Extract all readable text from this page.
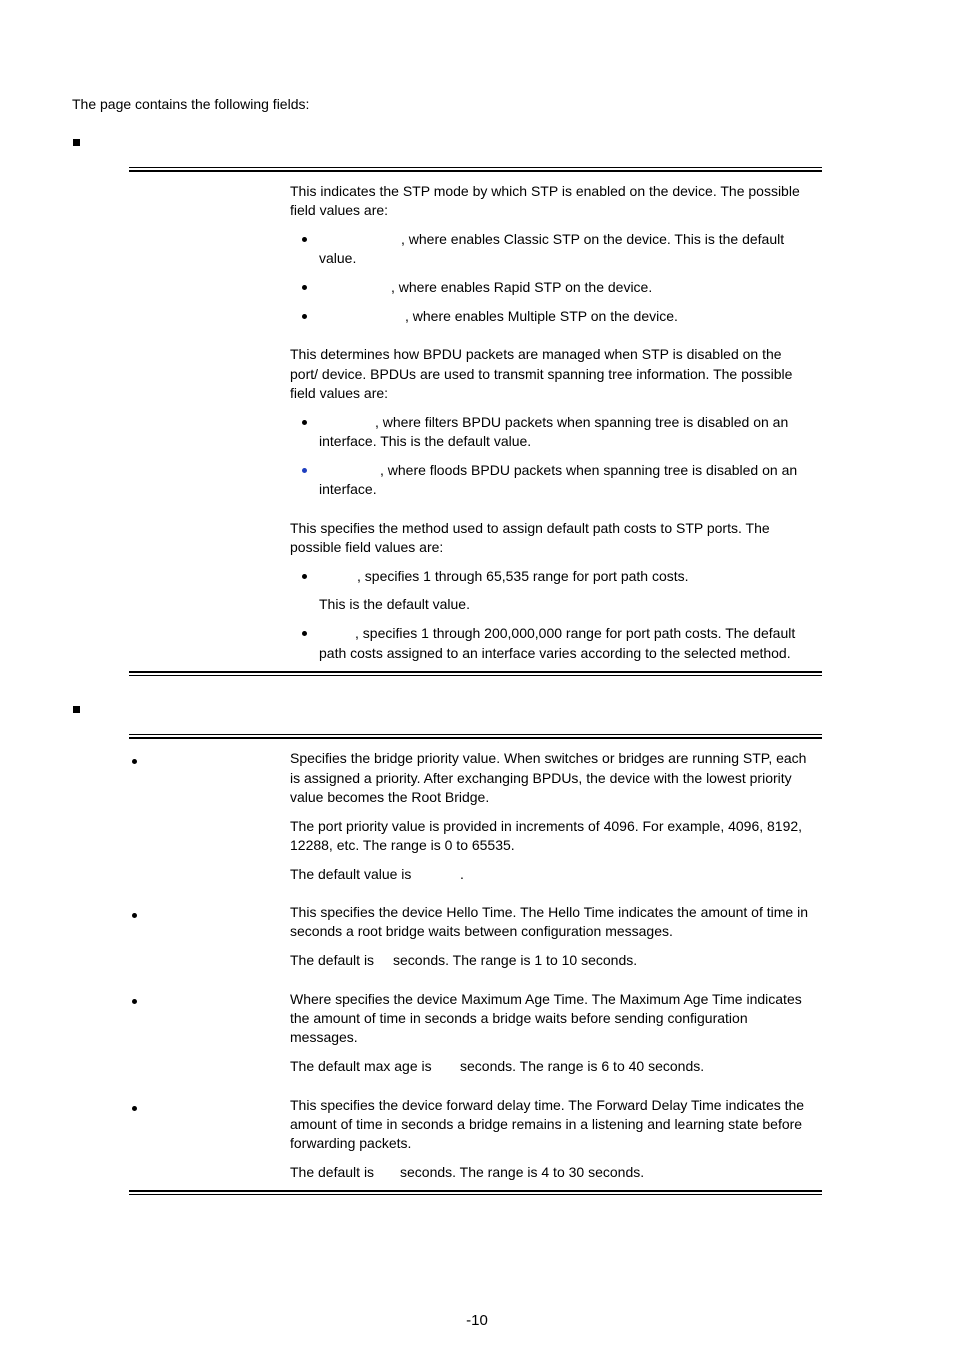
The page contains the following fields:
This indicates the STP mode by which STP is enabled on the device. The possible
field values are:
, where enables Classic STP on the device. This is the default
value.
, where enables Rapid STP on the device.
, where enables Multiple STP on the device.
This determines how BPDU packets are managed when STP is disabled on the
port/ device. BPDUs are used to transmit spanning tree information. The possible
field values are:
, where filters BPDU packets when spanning tree is disabled on an
interface. This is the default value.
, where floods BPDU packets when spanning tree is disabled on an
interface.
This specifies the method used to assign default path costs to STP ports. The
possible field values are:
, specifies 1 through 65,535 range for port path costs.
This is the default value.
, specifies 1 through 200,000,000 range for port path costs. The default
path costs assigned to an interface varies according to the selected method.
Specifies the bridge priority value. When switches or bridges are running STP, each
is assigned a priority. After exchanging BPDUs, the device with the lowest priority
value becomes the Root Bridge.
The port priority value is provided in increments of 4096. For example, 4096, 8192,
12288, etc. The range is 0 to 65535.
The default value is	.
This specifies the device Hello Time. The Hello Time indicates the amount of time in
seconds a root bridge waits between configuration messages.
The default is seconds. The range is 1 to 10 seconds.
Where specifies the device Maximum Age Time. The Maximum Age Time indicates
the amount of time in seconds a bridge waits before sending configuration
messages.
The default max age is seconds. The range is 6 to 40 seconds.
This specifies the device forward delay time. The Forward Delay Time indicates the
amount of time in seconds a bridge remains in a listening and learning state before
forwarding packets.
The default is seconds. The range is 4 to 30 seconds.
-10
